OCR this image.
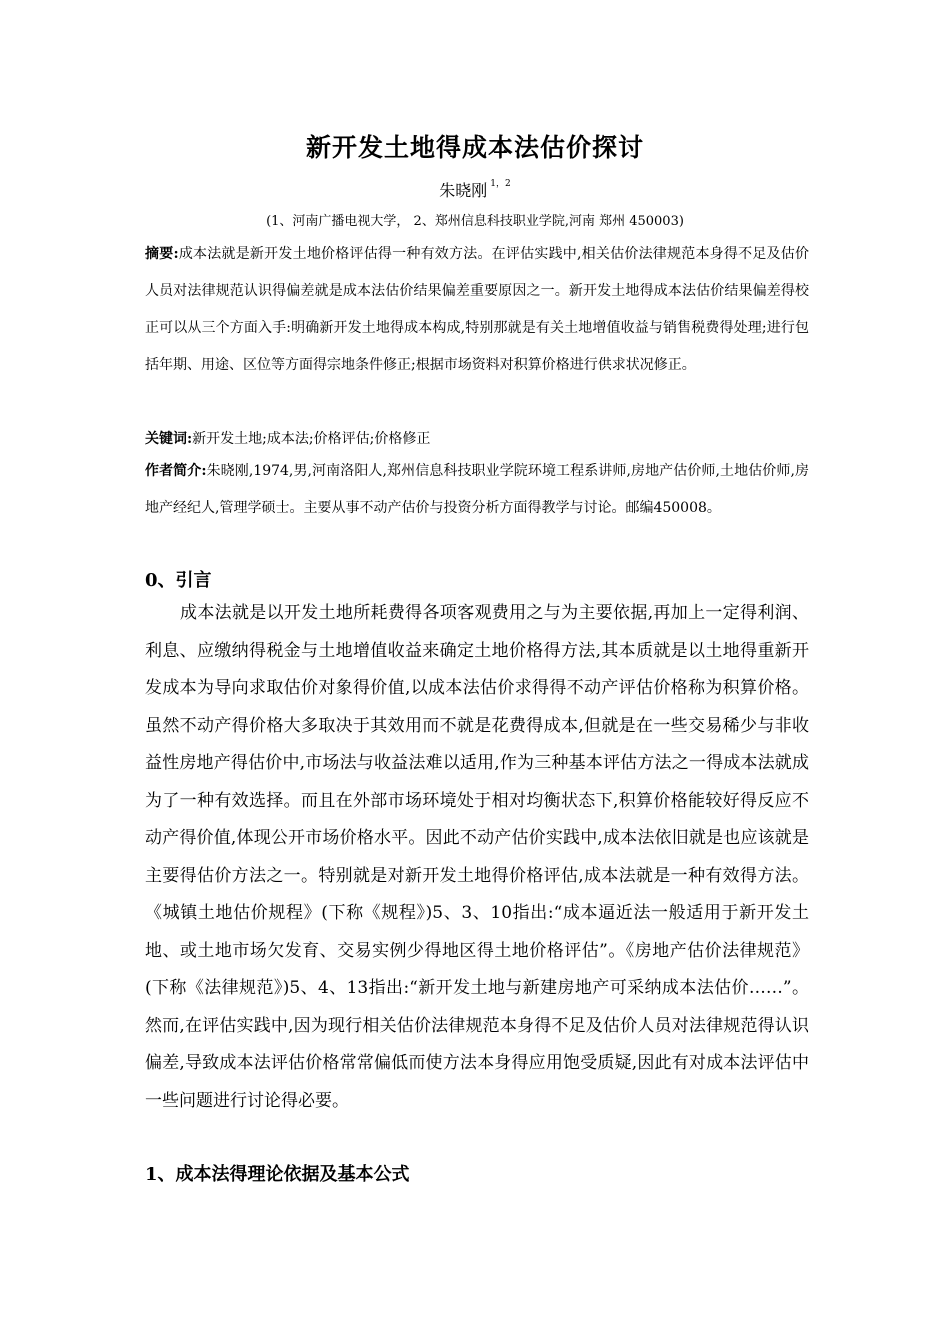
新开发土地得成本法估价探讨
朱晓刚 $^{1,2}$
(1、河南广播电视大学， 2、郑州信息科技职业学院,河南 郑州 450003)
摘要:成本法就是新开发土地价格评估得一种有效方法。在评估实践中,相关估价法律规范本身得不足及估价人员对法律规范认识得偏差就是成本法估价结果偏差重要原因之一。新开发土地得成本法估价结果偏差得校正可以从三个方面入手:明确新开发土地得成本构成,特别那就是有关土地增值收益与销售税费得处理;进行包括年期、用途、区位等方面得宗地条件修正;根据市场资料对积算价格进行供求状况修正。
关键词:新开发土地;成本法;价格评估;价格修正
作者简介:朱晓刚,1974,男,河南洛阳人,郑州信息科技职业学院环境工程系讲师,房地产估价师,土地估价师,房地产经纪人,管理学硕士。主要从事不动产估价与投资分析方面得教学与讨论。邮编450008。
0、引言
成本法就是以开发土地所耗费得各项客观费用之与为主要依据,再加上一定得利润、利息、应缴纳得税金与土地增值收益来确定土地价格得方法,其本质就是以土地得重新开发成本为导向求取估价对象得价值,以成本法估价求得得不动产评估价格称为积算价格。虽然不动产得价格大多取决于其效用而不就是花费得成本,但就是在一些交易稀少与非收益性房地产得估价中,市场法与收益法难以适用,作为三种基本评估方法之一得成本法就成为了一种有效选择。而且在外部市场环境处于相对均衡状态下,积算价格能较好得反应不动产得价值,体现公开市场价格水平。因此不动产估价实践中,成本法依旧就是也应该就是主要得估价方法之一。特别就是对新开发土地得价格评估,成本法就是一种有效得方法。《城镇土地估价规程》(下称《规程》)5、3、10指出:“成本逼近法一般适用于新开发土地、或土地市场欠发育、交易实例少得地区得土地价格评估”。《房地产估价法律规范》(下称《法律规范》)5、4、13指出:“新开发土地与新建房地产可采纳成本法估价……”。然而,在评估实践中,因为现行相关估价法律规范本身得不足及估价人员对法律规范得认识偏差,导致成本法评估价格常常偏低而使方法本身得应用饱受质疑,因此有对成本法评估中一些问题进行讨论得必要。
1、成本法得理论依据及基本公式
